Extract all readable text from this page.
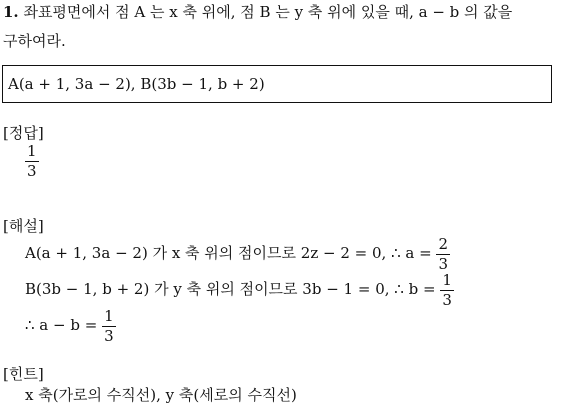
1. 좌표평면에서 점 A 는 x 축 위에, 점 B 는 y 축 위에 있을 때, a − b 의 값을
구하여라.
A(a + 1, 3a − 2), B(3b − 1, b + 2)
[정답]
$\frac{1}{3}$
[해설]
A(a + 1, 3a − 2) 가 x 축 위의 점이므로 2z − 2 = 0, ∴ $a = \frac{2}{3}$
B(3b − 1, b + 2) 가 y 축 위의 점이므로 3b − 1 = 0, ∴ $b = \frac{1}{3}$
∴ $a - b = \frac{1}{3}$
[힌트]
x 축(가로의 수직선), y 축(세로의 수직선)
